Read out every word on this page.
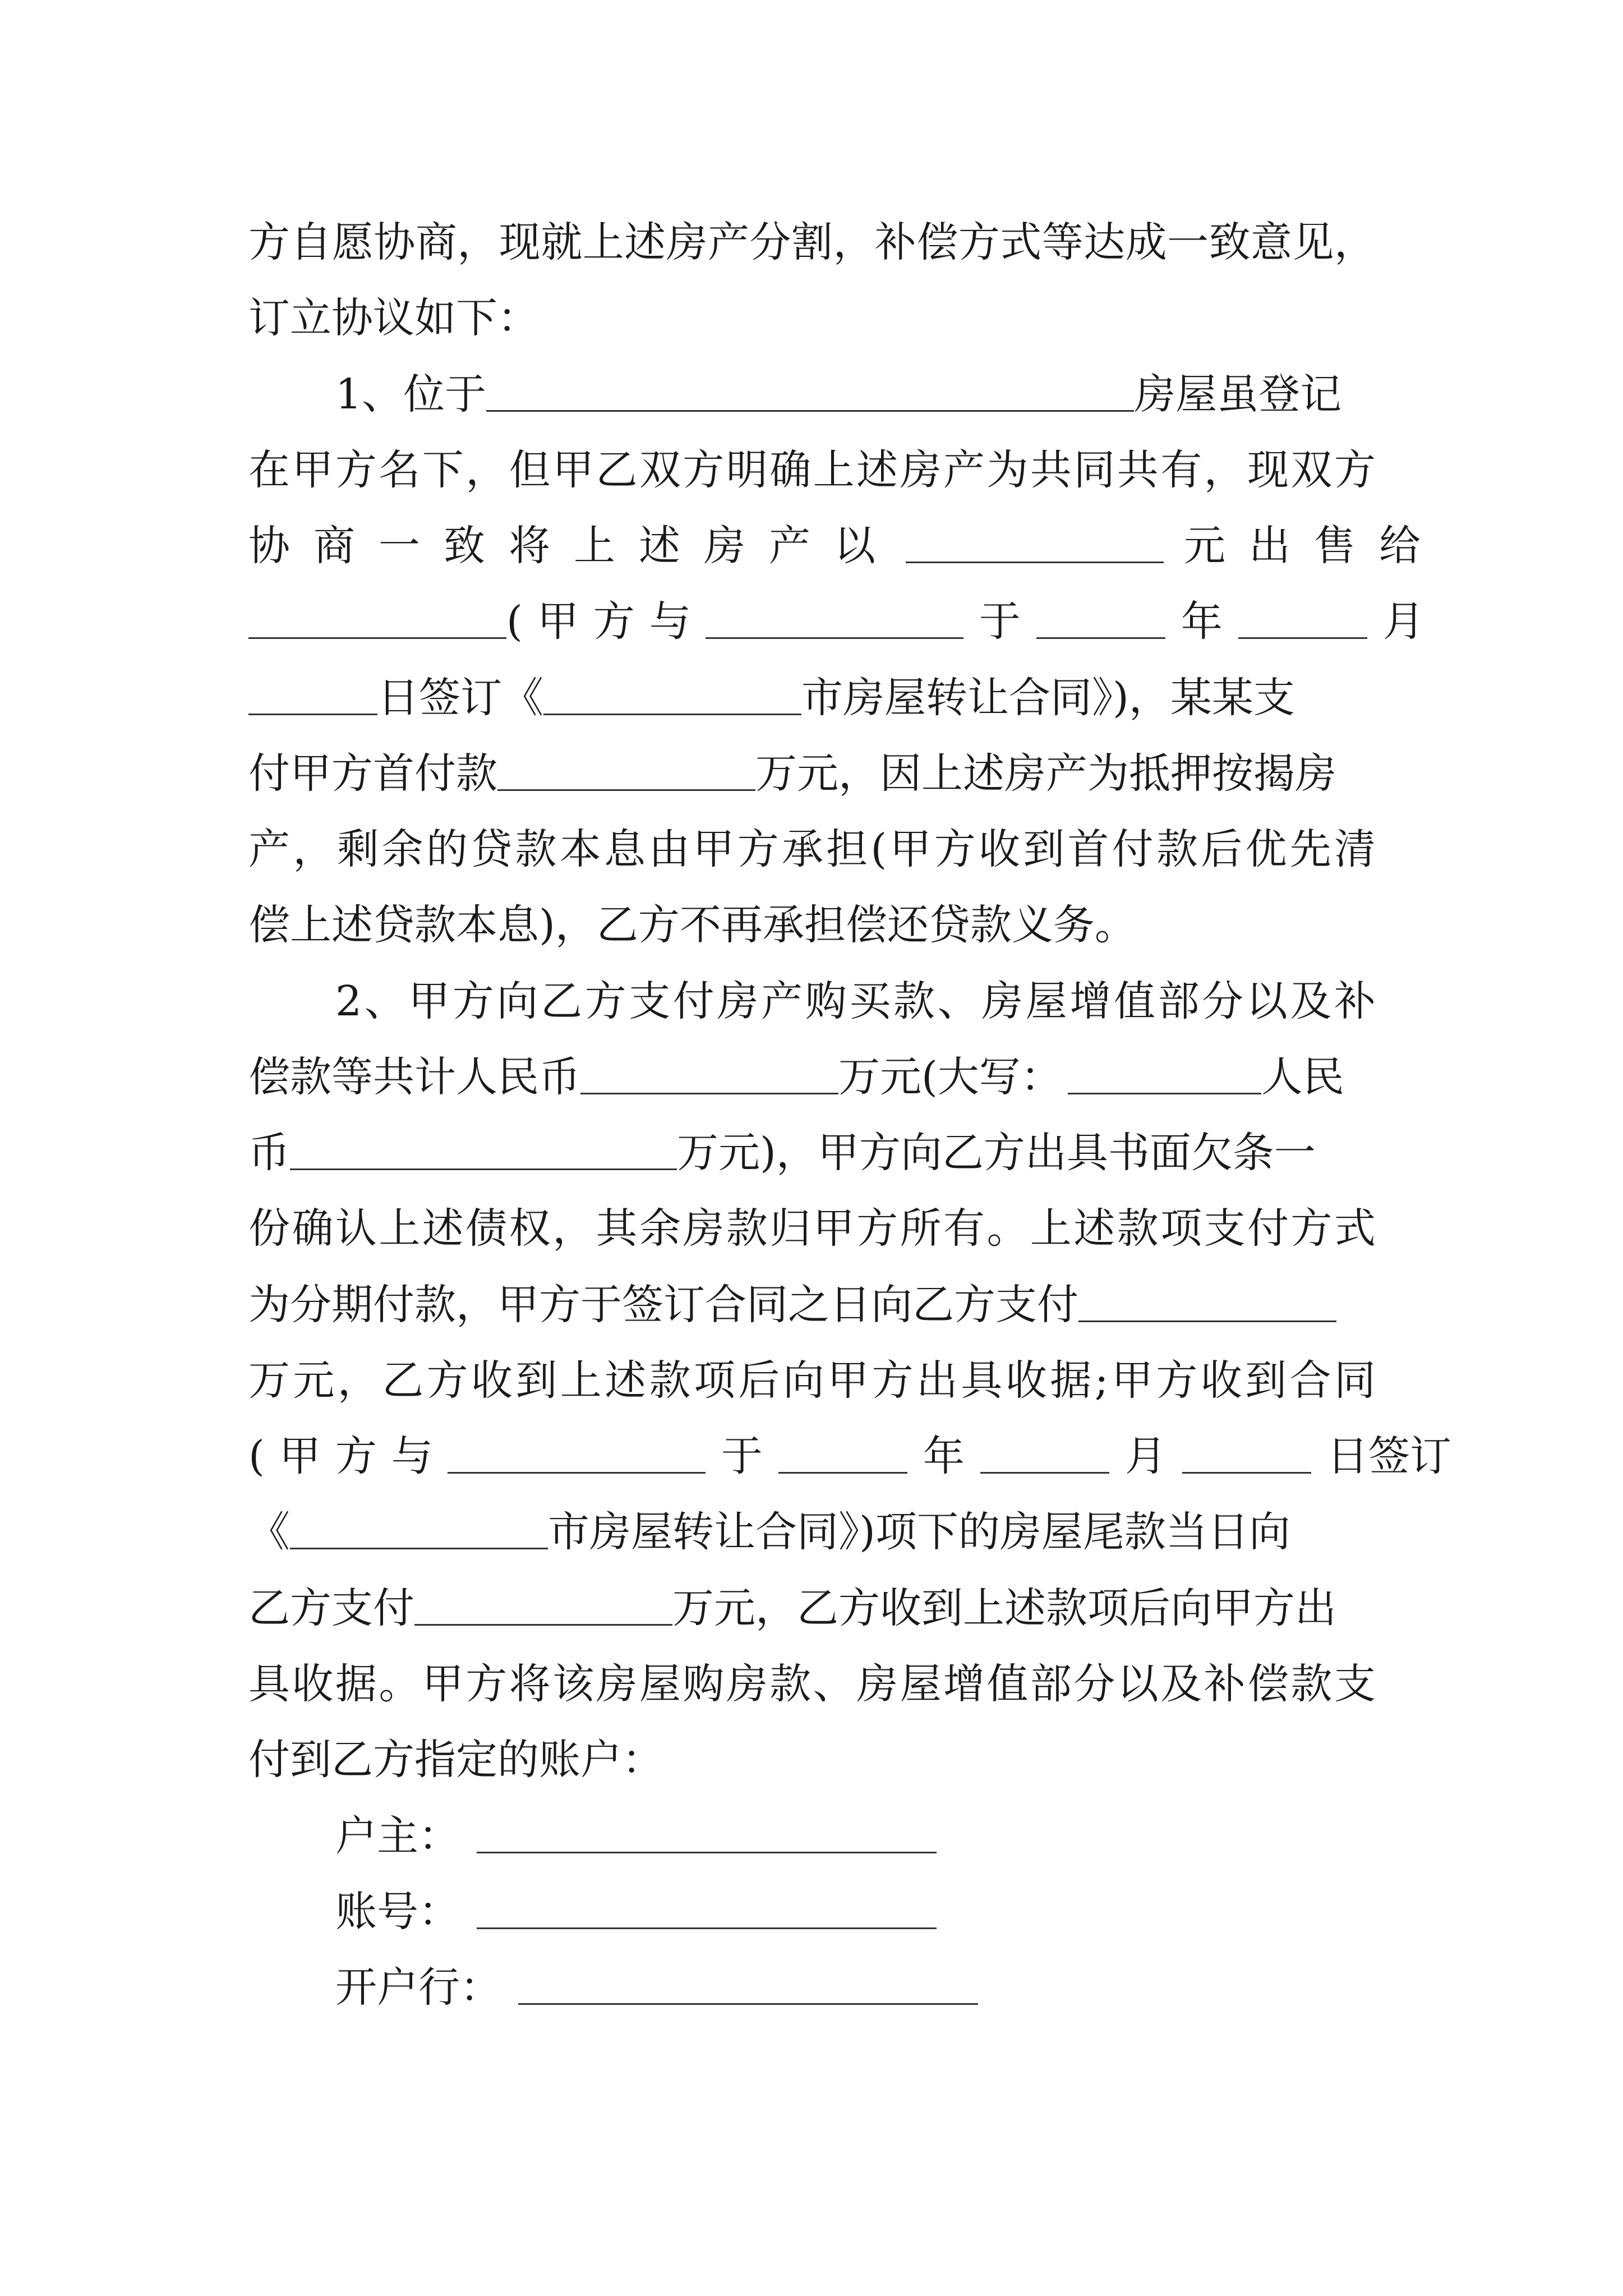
方自愿协商，现就上述房产分割，补偿方式等达成一致意见，
订立协议如下：
1、位于	房屋虽登记
在甲方名下，但甲乙双方明确上述房产为共同共有，现双方
协商一致将上述房产以	元出售给
(甲方与	于	年	月
日签订《	市房屋转让合同》)，某某支
付甲方首付款	万元，因上述房产为抵押按揭房
产，剩余的贷款本息由甲方承担(甲方收到首付款后优先清
偿上述贷款本息)，乙方不再承担偿还贷款义务。
2、甲方向乙方支付房产购买款、房屋增值部分以及补
偿款等共计人民币	万元(大写：	人民
币	万元)，甲方向乙方出具书面欠条一
份确认上述债权，其余房款归甲方所有。上述款项支付方式
为分期付款，甲方于签订合同之日向乙方支付
万元，乙方收到上述款项后向甲方出具收据;甲方收到合同
(甲方与	于	年	月	日签订
《	市房屋转让合同》)项下的房屋尾款当日向
乙方支付	万元，乙方收到上述款项后向甲方出
具收据。甲方将该房屋购房款、房屋增值部分以及补偿款支
付到乙方指定的账户：
户主：
账号：
开户行：
